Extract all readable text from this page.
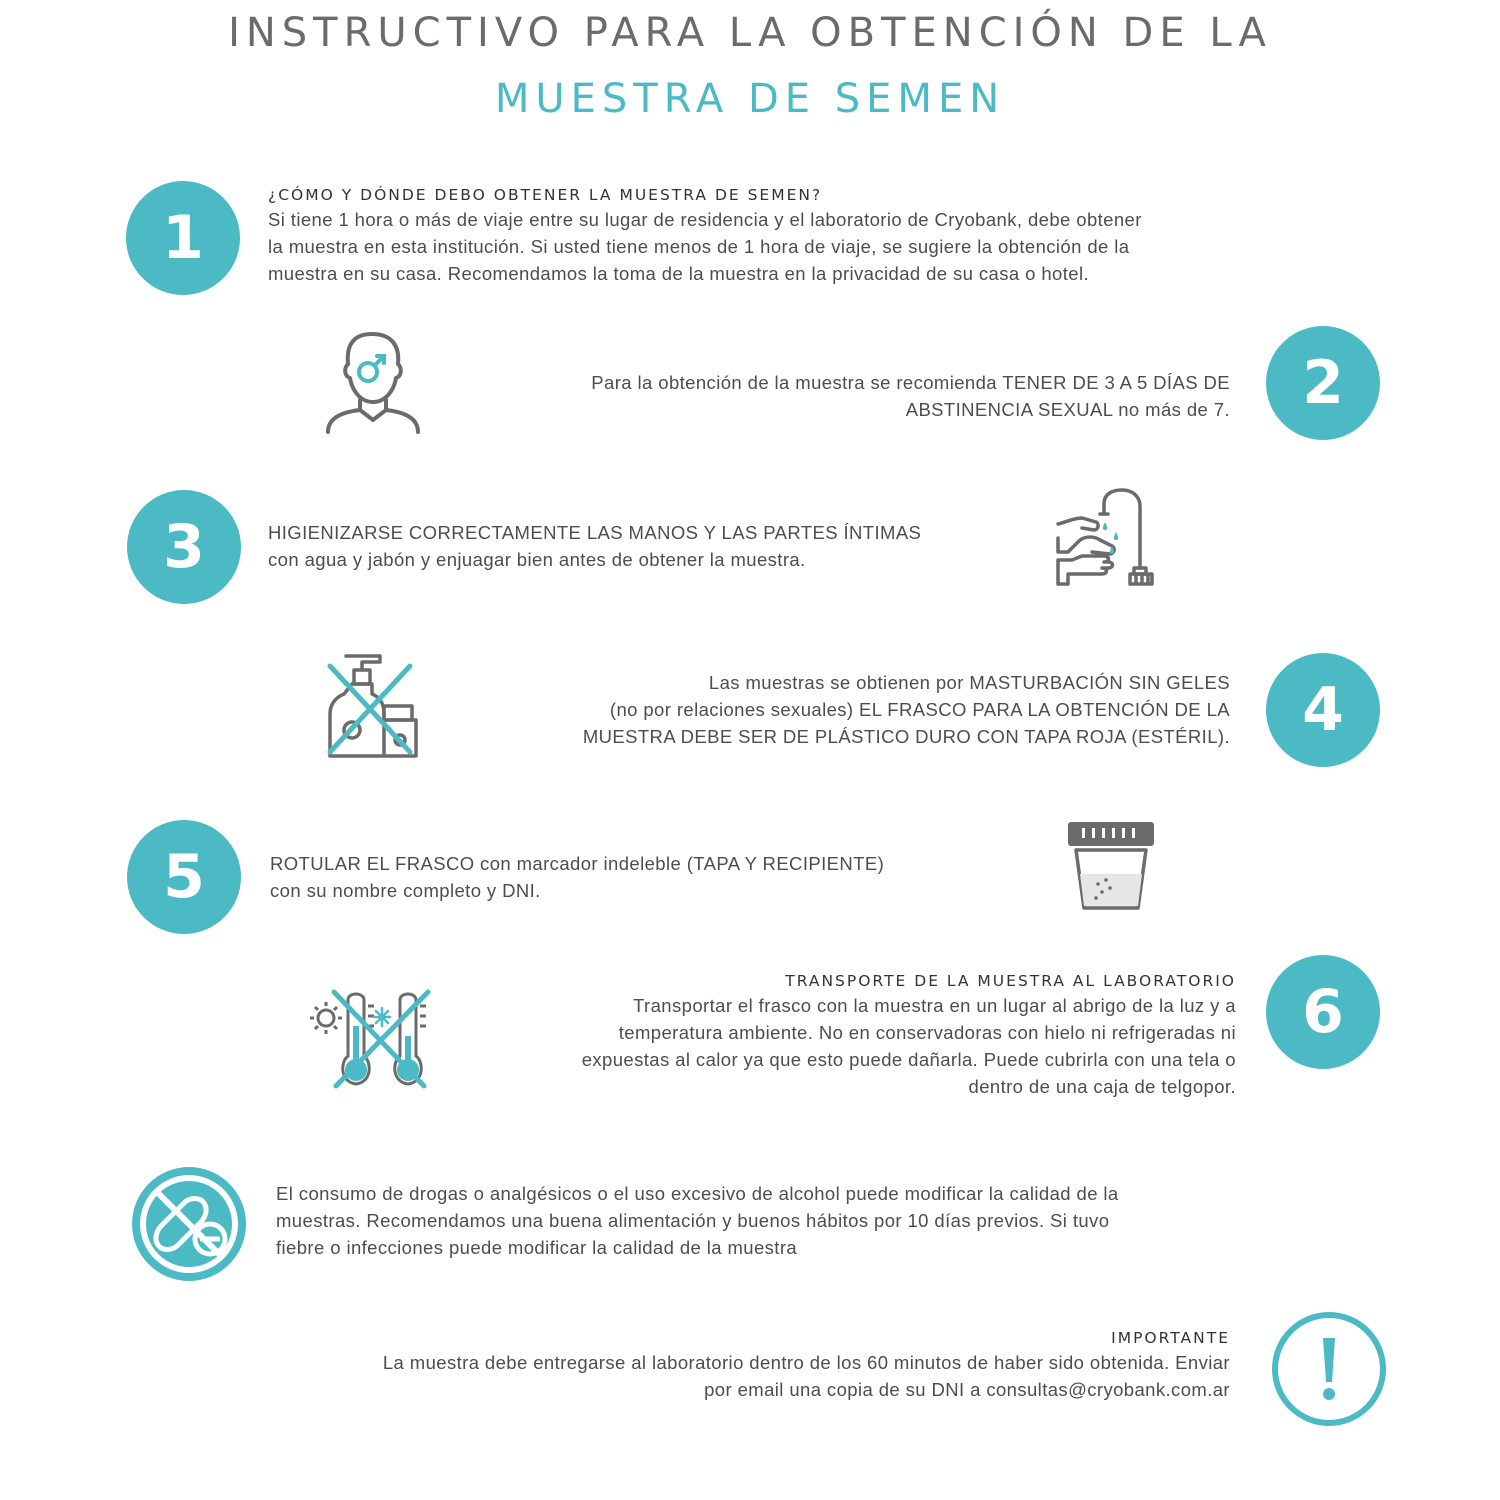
INSTRUCTIVO PARA LA OBTENCIÓN DE LA
MUESTRA DE SEMEN
1
¿CÓMO Y DÓNDE DEBO OBTENER LA MUESTRA DE SEMEN?
Si tiene 1 hora o más de viaje entre su lugar de residencia y el laboratorio de Cryobank, debe obtener
la muestra en esta institución. Si usted tiene menos de 1 hora de viaje, se sugiere la obtención de la
muestra en su casa. Recomendamos la toma de la muestra en la privacidad de su casa o hotel.
Para la obtención de la muestra se recomienda TENER DE 3 A 5 DÍAS DE
ABSTINENCIA SEXUAL no más de 7.	2
3	HIGIENIZARSE CORRECTAMENTE LAS MANOS Y LAS PARTES ÍNTIMAS
con agua y jabón y enjuagar bien antes de obtener la muestra.
Las muestras se obtienen por MASTURBACIÓN SIN GELES
(no por relaciones sexuales) EL FRASCO PARA LA OBTENCIÓN DE LA
MUESTRA DEBE SER DE PLÁSTICO DURO CON TAPA ROJA (ESTÉRIL).	4
5	ROTULAR EL FRASCO con marcador indeleble (TAPA Y RECIPIENTE)
con su nombre completo y DNI.
TRANSPORTE DE LA MUESTRA AL LABORATORIO
Transportar el frasco con la muestra en un lugar al abrigo de la luz y a
temperatura ambiente. No en conservadoras con hielo ni refrigeradas ni
expuestas al calor ya que esto puede dañarla. Puede cubrirla con una tela o
dentro de una caja de telgopor.
6
El consumo de drogas o analgésicos o el uso excesivo de alcohol puede modificar la calidad de la
muestras. Recomendamos una buena alimentación y buenos hábitos por 10 días previos. Si tuvo
fiebre o infecciones puede modificar la calidad de la muestra
IMPORTANTE
La muestra debe entregarse al laboratorio dentro de los 60 minutos de haber sido obtenida. Enviar
por email una copia de su DNI a consultas@cryobank.com.ar
